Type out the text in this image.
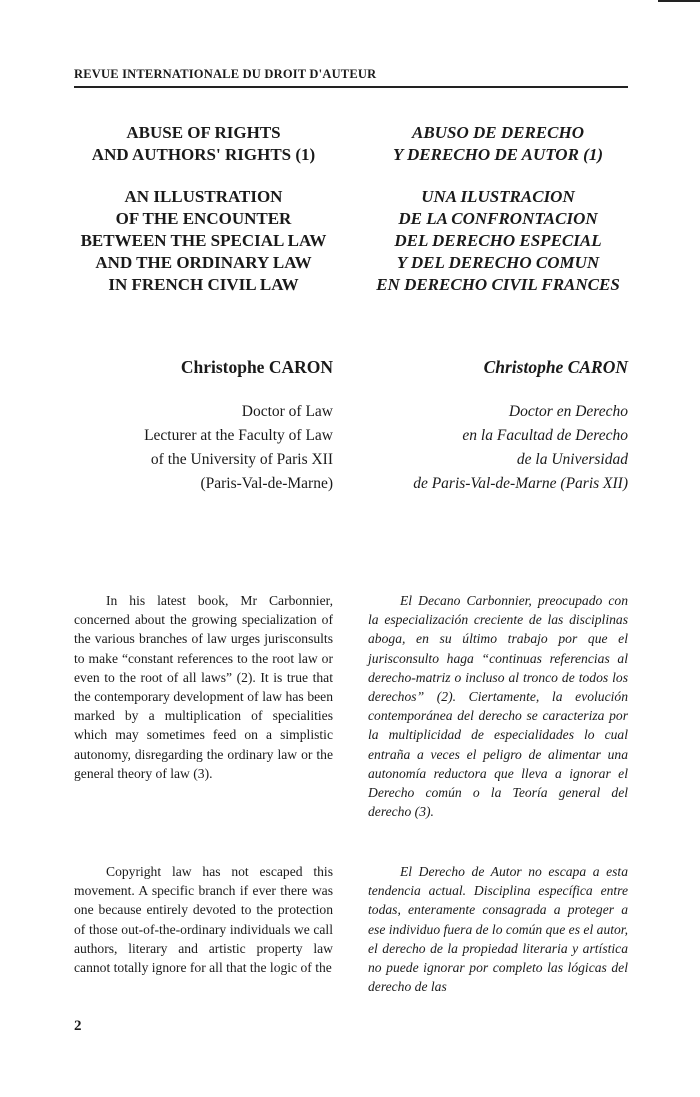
REVUE INTERNATIONALE DU DROIT D'AUTEUR
ABUSE OF RIGHTS
AND AUTHORS' RIGHTS (1)
AN ILLUSTRATION
OF THE ENCOUNTER
BETWEEN THE SPECIAL LAW
AND THE ORDINARY LAW
IN FRENCH CIVIL LAW
ABUSO DE DERECHO
Y DERECHO DE AUTOR (1)
UNA ILUSTRACION
DE LA CONFRONTACION
DEL DERECHO ESPECIAL
Y DEL DERECHO COMUN
EN DERECHO CIVIL FRANCES
Christophe CARON	Christophe CARON
Doctor of Law
Lecturer at the Faculty of Law
of the University of Paris XII
(Paris-Val-de-Marne)
Doctor en Derecho
en la Facultad de Derecho
de la Universidad
de Paris-Val-de-Marne (Paris XII)

In his latest book, Mr Carbonnier, concerned about the growing specialization of the various branches of law urges jurisconsults to make “constant references to the root law or even to the root of all laws” (2). It is true that the contemporary development of law has been marked by a multiplication of specialities which may sometimes feed on a simplistic autonomy, disregarding the ordinary law or the general theory of law (3).

El Decano Carbonnier, preocupado con la especialización creciente de las disciplinas aboga, en su último trabajo por que el jurisconsulto haga “continuas referencias al derecho-matriz o incluso al tronco de todos los derechos” (2). Ciertamente, la evolución contemporánea del derecho se caracteriza por la multiplicidad de especialidades lo cual entraña a veces el peligro de alimentar una autonomía reductora que lleva a ignorar el Derecho común o la Teoría general del derecho (3).

Copyright law has not escaped this movement. A specific branch if ever there was one because entirely devoted to the protection of those out-of-the-ordinary individuals we call authors, literary and artistic property law cannot totally ignore for all that the logic of the

El Derecho de Autor no escapa a esta tendencia actual. Disciplina específica entre todas, enteramente consagrada a proteger a ese individuo fuera de lo común que es el autor, el derecho de la propiedad literaria y artística no puede ignorar por completo las lógicas del derecho de las

2
